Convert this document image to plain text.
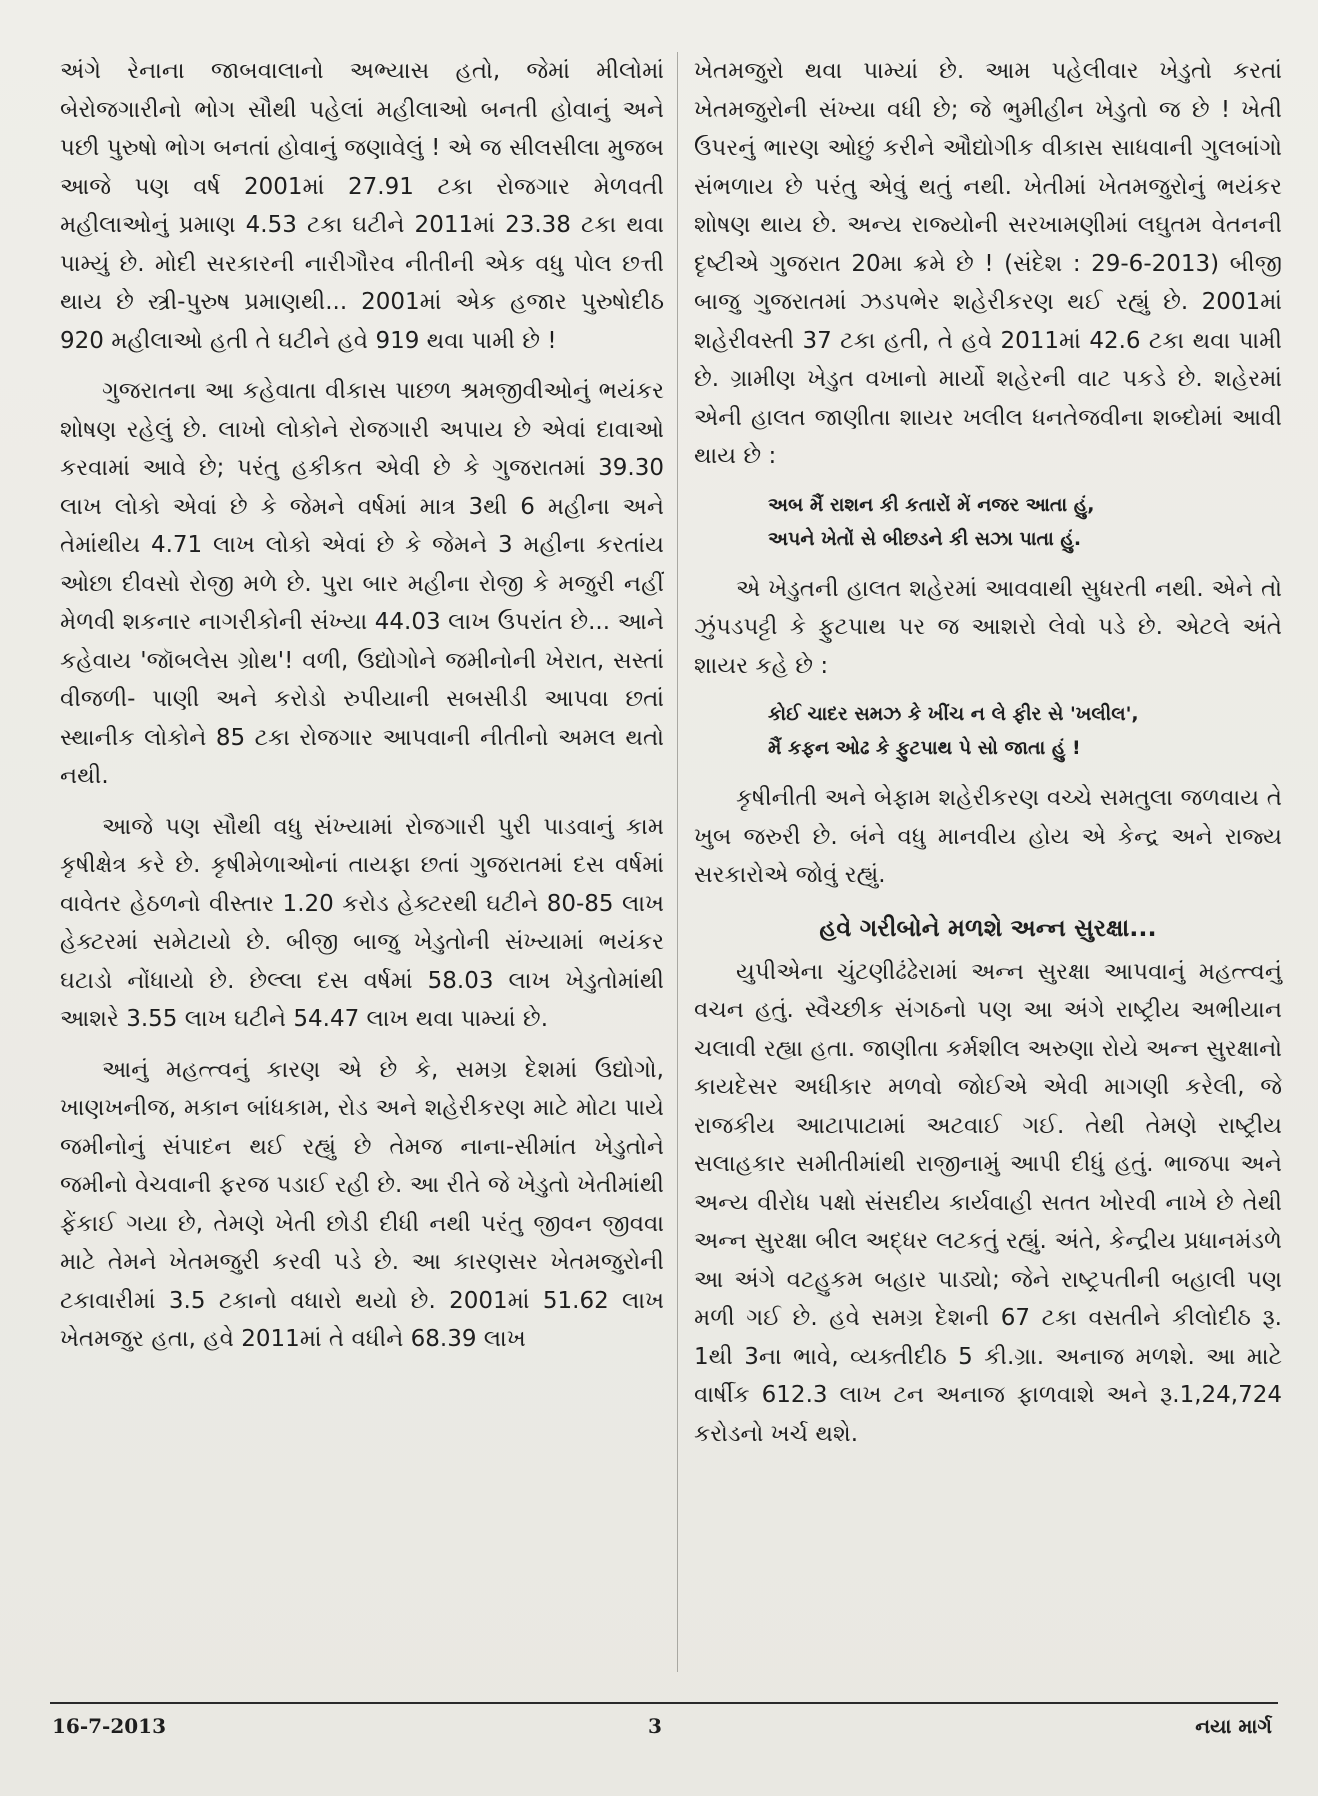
અંગે રેનાના જાબવાલાનો અભ્યાસ હતો, જેમાં મીલોમાં બેરોજગારીનો ભોગ સૌથી પહેલાં મહીલાઓ બનતી હોવાનું અને પછી પુરુષો ભોગ બનતાં હોવાનું જણાવેલું ! એ જ સીલસીલા મુજબ આજે પણ વર્ષ 2001માં 27.91 ટકા રોજગાર મેળવતી મહીલાઓનું પ્રમાણ 4.53 ટકા ઘટીને 2011માં 23.38 ટકા થવા પામ્યું છે. મોદી સરકારની નારીગૌરવ નીતીની એક વધુ પોલ છત્તી થાય છે સ્ત્રી-પુરુષ પ્રમાણથી... 2001માં એક હજાર પુરુષોદીઠ 920 મહીલાઓ હતી તે ઘટીને હવે 919 થવા પામી છે !

ગુજરાતના આ કહેવાતા વીકાસ પાછળ શ્રમજીવીઓનું ભયંકર શોષણ રહેલું છે. લાખો લોકોને રોજગારી અપાય છે એવાં દાવાઓ કરવામાં આવે છે; પરંતુ હકીકત એવી છે કે ગુજરાતમાં 39.30 લાખ લોકો એવાં છે કે જેમને વર્ષમાં માત્ર 3થી 6 મહીના અને તેમાંથીય 4.71 લાખ લોકો એવાં છે કે જેમને 3 મહીના કરતાંય ઓછા દીવસો રોજી મળે છે. પુરા બાર મહીના રોજી કે મજુરી નહીં મેળવી શકનાર નાગરીકોની સંખ્યા 44.03 લાખ ઉપરાંત છે... આને કહેવાય 'જૉબલેસ ગ્રોથ'! વળી, ઉદ્યોગોને જમીનોની ખેરાત, સસ્તાં વીજળી- પાણી અને કરોડો રુપીયાની સબસીડી આપવા છતાં સ્થાનીક લોકોને 85 ટકા રોજગાર આપવાની નીતીનો અમલ થતો નથી.

આજે પણ સૌથી વધુ સંખ્યામાં રોજગારી પુરી પાડવાનું કામ કૃષીક્ષેત્ર કરે છે. કૃષીમેળાઓનાં તાયફા છતાં ગુજરાતમાં દસ વર્ષમાં વાવેતર હેઠળનો વીસ્તાર 1.20 કરોડ હેક્ટરથી ઘટીને 80-85 લાખ હેક્ટરમાં સમેટાયો છે. બીજી બાજુ ખેડુતોની સંખ્યામાં ભયંકર ઘટાડો નોંધાયો છે. છેલ્લા દસ વર્ષમાં 58.03 લાખ ખેડુતોમાંથી આશરે 3.55 લાખ ઘટીને 54.47 લાખ થવા પામ્યાં છે.

આનું મહત્ત્વનું કારણ એ છે કે, સમગ્ર દેશમાં ઉદ્યોગો, ખાણખનીજ, મકાન બાંધકામ, રોડ અને શહેરીકરણ માટે મોટા પાયે જમીનોનું સંપાદન થઈ રહ્યું છે તેમજ નાના-સીમાંત ખેડુતોને જમીનો વેચવાની ફરજ પડાઈ રહી છે. આ રીતે જે ખેડુતો ખેતીમાંથી ફેંકાઈ ગયા છે, તેમણે ખેતી છોડી દીધી નથી પરંતુ જીવન જીવવા માટે તેમને ખેતમજુરી કરવી પડે છે. આ કારણસર ખેતમજુરોની ટકાવારીમાં 3.5 ટકાનો વધારો થયો છે. 2001માં 51.62 લાખ ખેતમજુર હતા, હવે 2011માં તે વધીને 68.39 લાખ

ખેતમજુરો થવા પામ્યાં છે. આમ પહેલીવાર ખેડુતો કરતાં ખેતમજુરોની સંખ્યા વધી છે; જે ભુમીહીન ખેડુતો જ છે ! ખેતી ઉપરનું ભારણ ઓછું કરીને ઔદ્યોગીક વીકાસ સાધવાની ગુલબાંગો સંભળાય છે પરંતુ એવું થતું નથી. ખેતીમાં ખેતમજુરોનું ભયંકર શોષણ થાય છે. અન્ય રાજ્યોની સરખામણીમાં લઘુતમ વેતનની દૃષ્ટીએ ગુજરાત 20મા ક્રમે છે ! (સંદેશ : 29-6-2013) બીજી બાજુ ગુજરાતમાં ઝડપભેર શહેરીકરણ થઈ રહ્યું છે. 2001માં શહેરીવસ્તી 37 ટકા હતી, તે હવે 2011માં 42.6 ટકા થવા પામી છે. ગ્રામીણ ખેડુત વખાનો માર્યો શહેરની વાટ પકડે છે. શહેરમાં એની હાલત જાણીતા શાયર ખલીલ ધનતેજવીના શબ્દોમાં આવી થાય છે :

અબ મૈં રાશન કી કતારોં મેં નજર આતા હું,
અપને ખેતોં સે બીછડને કી સઝા પાતા હું.

એ ખેડુતની હાલત શહેરમાં આવવાથી સુધરતી નથી. એને તો ઝુંપડપટ્ટી કે ફુટપાથ પર જ આશરો લેવો પડે છે. એટલે અંતે શાયર કહે છે :

કોઈ ચાદર સમઝ કે ખીંચ ન લે ફીર સે 'ખલીલ',
મૈં કફન ઓઢ કે ફુટપાથ પે સો જાતા હું !

કૃષીનીતી અને બેફામ શહેરીકરણ વચ્ચે સમતુલા જળવાય તે ખુબ જરુરી છે. બંને વધુ માનવીય હોય એ કેન્દ્ર અને રાજ્ય સરકારોએ જોવું રહ્યું.

હવે ગરીબોને મળશે અન્ન સુરક્ષા...

યુપીએના ચુંટણીઢંઢેરામાં અન્ન સુરક્ષા આપવાનું મહત્ત્વનું વચન હતું. સ્વૈચ્છીક સંગઠનો પણ આ અંગે રાષ્ટ્રીય અભીયાન ચલાવી રહ્યા હતા. જાણીતા કર્મશીલ અરુણા રોયે અન્ન સુરક્ષાનો કાયદેસર અધીકાર મળવો જોઈએ એવી માગણી કરેલી, જે રાજકીય આટાપાટામાં અટવાઈ ગઈ. તેથી તેમણે રાષ્ટ્રીય સલાહકાર સમીતીમાંથી રાજીનામું આપી દીધું હતું. ભાજપા અને અન્ય વીરોધ પક્ષો સંસદીય કાર્યવાહી સતત ખોરવી નાખે છે તેથી અન્ન સુરક્ષા બીલ અદ્ધર લટકતું રહ્યું. અંતે, કેન્દ્રીય પ્રધાનમંડળે આ અંગે વટહુકમ બહાર પાડ્યો; જેને રાષ્ટ્રપતીની બહાલી પણ મળી ગઈ છે. હવે સમગ્ર દેશની 67 ટકા વસતીને કીલોદીઠ રૂ. 1થી 3ના ભાવે, વ્યક્તીદીઠ 5 કી.ગ્રા. અનાજ મળશે. આ માટે વાર્ષીક 612.3 લાખ ટન અનાજ ફાળવાશે અને રૂ.1,24,724 કરોડનો ખર્ચ થશે.

16-7-2013	3	નયા માર્ગ
